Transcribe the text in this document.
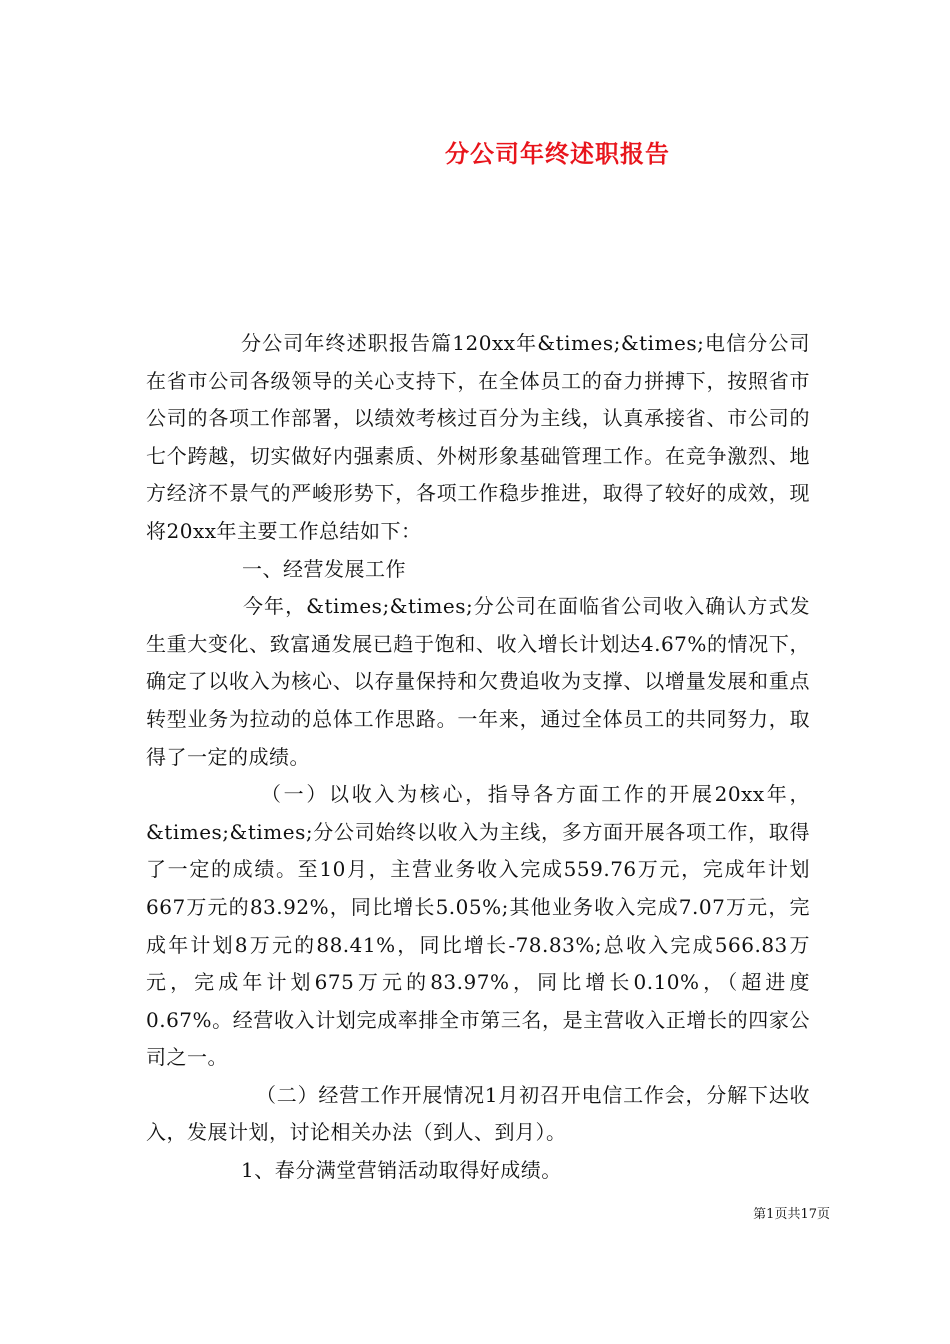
分公司年终述职报告

分公司年终述职报告篇120xx年&times;&times;电信分公司在省市公司各级领导的关心支持下，在全体员工的奋力拼搏下，按照省市公司的各项工作部署，以绩效考核过百分为主线，认真承接省、市公司的七个跨越，切实做好内强素质、外树形象基础管理工作。在竞争激烈、地方经济不景气的严峻形势下，各项工作稳步推进，取得了较好的成效，现将20xx年主要工作总结如下：

一、经营发展工作

今年，&times;&times;分公司在面临省公司收入确认方式发生重大变化、致富通发展已趋于饱和、收入增长计划达4.67%的情况下，确定了以收入为核心、以存量保持和欠费追收为支撑、以增量发展和重点转型业务为拉动的总体工作思路。一年来，通过全体员工的共同努力，取得了一定的成绩。

（一）以收入为核心，指导各方面工作的开展20xx年，&times;&times;分公司始终以收入为主线，多方面开展各项工作，取得了一定的成绩。至10月，主营业务收入完成559.76万元，完成年计划667万元的83.92%，同比增长5.05%;其他业务收入完成7.07万元，完成年计划8万元的88.41%，同比增长-78.83%;总收入完成566.83万元，完成年计划675万元的83.97%，同比增长0.10%，（超进度0.67%。经营收入计划完成率排全市第三名，是主营收入正增长的四家公司之一。

（二）经营工作开展情况1月初召开电信工作会，分解下达收入，发展计划，讨论相关办法（到人、到月）。

1、春分满堂营销活动取得好成绩。

第1页共17页
